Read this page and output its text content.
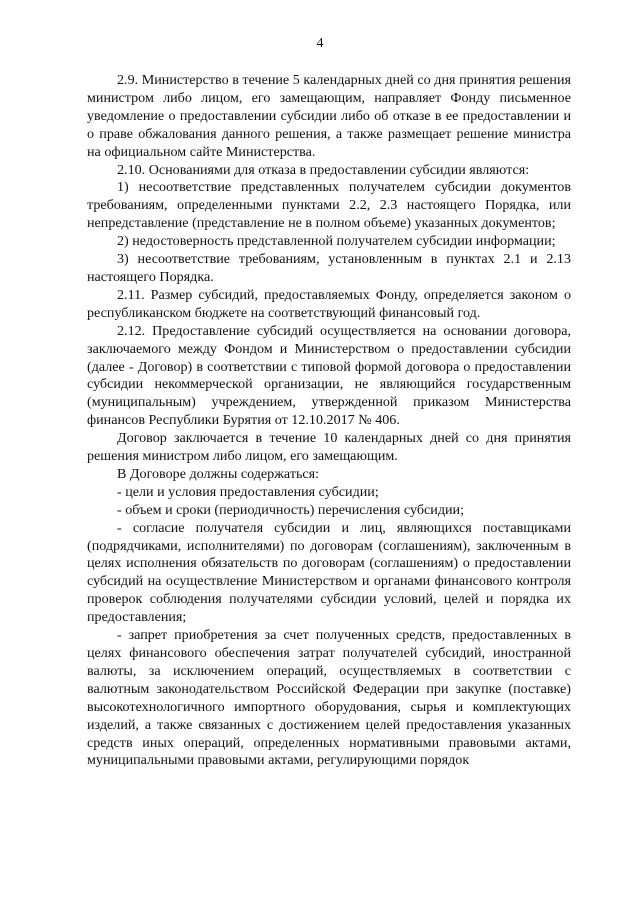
4

2.9. Министерство в течение 5 календарных дней со дня принятия решения министром либо лицом, его замещающим, направляет Фонду письменное уведомление о предоставлении субсидии либо об отказе в ее предоставлении и о праве обжалования данного решения, а также размещает решение министра на официальном сайте Министерства.

2.10. Основаниями для отказа в предоставлении субсидии являются:

1) несоответствие представленных получателем субсидии документов требованиям, определенными пунктами 2.2, 2.3 настоящего Порядка, или непредставление (представление не в полном объеме) указанных документов;

2) недостоверность представленной получателем субсидии информации;

3) несоответствие требованиям, установленным в пунктах 2.1 и 2.13 настоящего Порядка.

2.11. Размер субсидий, предоставляемых Фонду, определяется законом о республиканском бюджете на соответствующий финансовый год.

2.12. Предоставление субсидий осуществляется на основании договора, заключаемого между Фондом и Министерством о предоставлении субсидии (далее - Договор) в соответствии с типовой формой договора о предоставлении субсидии некоммерческой организации, не являющийся государственным (муниципальным) учреждением, утвержденной приказом Министерства финансов Республики Бурятия от 12.10.2017 № 406.

Договор заключается в течение 10 календарных дней со дня принятия решения министром либо лицом, его замещающим.

В Договоре должны содержаться:

- цели и условия предоставления субсидии;

- объем и сроки (периодичность) перечисления субсидии;

- согласие получателя субсидии и лиц, являющихся поставщиками (подрядчиками, исполнителями) по договорам (соглашениям), заключенным в целях исполнения обязательств по договорам (соглашениям) о предоставлении субсидий на осуществление Министерством и органами финансового контроля проверок соблюдения получателями субсидии условий, целей и порядка их предоставления;

- запрет приобретения за счет полученных средств, предоставленных в целях финансового обеспечения затрат получателей субсидий, иностранной валюты, за исключением операций, осуществляемых в соответствии с валютным законодательством Российской Федерации при закупке (поставке) высокотехнологичного импортного оборудования, сырья и комплектующих изделий, а также связанных с достижением целей предоставления указанных средств иных операций, определенных нормативными правовыми актами, муниципальными правовыми актами, регулирующими порядок
